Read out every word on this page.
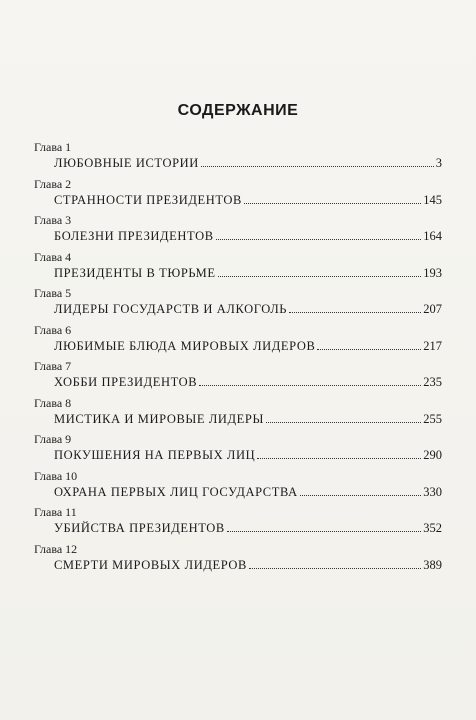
СОДЕРЖАНИЕ
Глава 1
ЛЮБОВНЫЕ ИСТОРИИ	3
Глава 2
СТРАННОСТИ ПРЕЗИДЕНТОВ	145
Глава 3
БОЛЕЗНИ ПРЕЗИДЕНТОВ	164
Глава 4
ПРЕЗИДЕНТЫ В ТЮРЬМЕ	193
Глава 5
ЛИДЕРЫ ГОСУДАРСТВ И АЛКОГОЛЬ	207
Глава 6
ЛЮБИМЫЕ БЛЮДА МИРОВЫХ ЛИДЕРОВ	217
Глава 7
ХОББИ ПРЕЗИДЕНТОВ	235
Глава 8
МИСТИКА И МИРОВЫЕ ЛИДЕРЫ	255
Глава 9
ПОКУШЕНИЯ НА ПЕРВЫХ ЛИЦ	290
Глава 10
ОХРАНА ПЕРВЫХ ЛИЦ ГОСУДАРСТВА	330
Глава 11
УБИЙСТВА ПРЕЗИДЕНТОВ	352
Глава 12
СМЕРТИ МИРОВЫХ ЛИДЕРОВ	389
